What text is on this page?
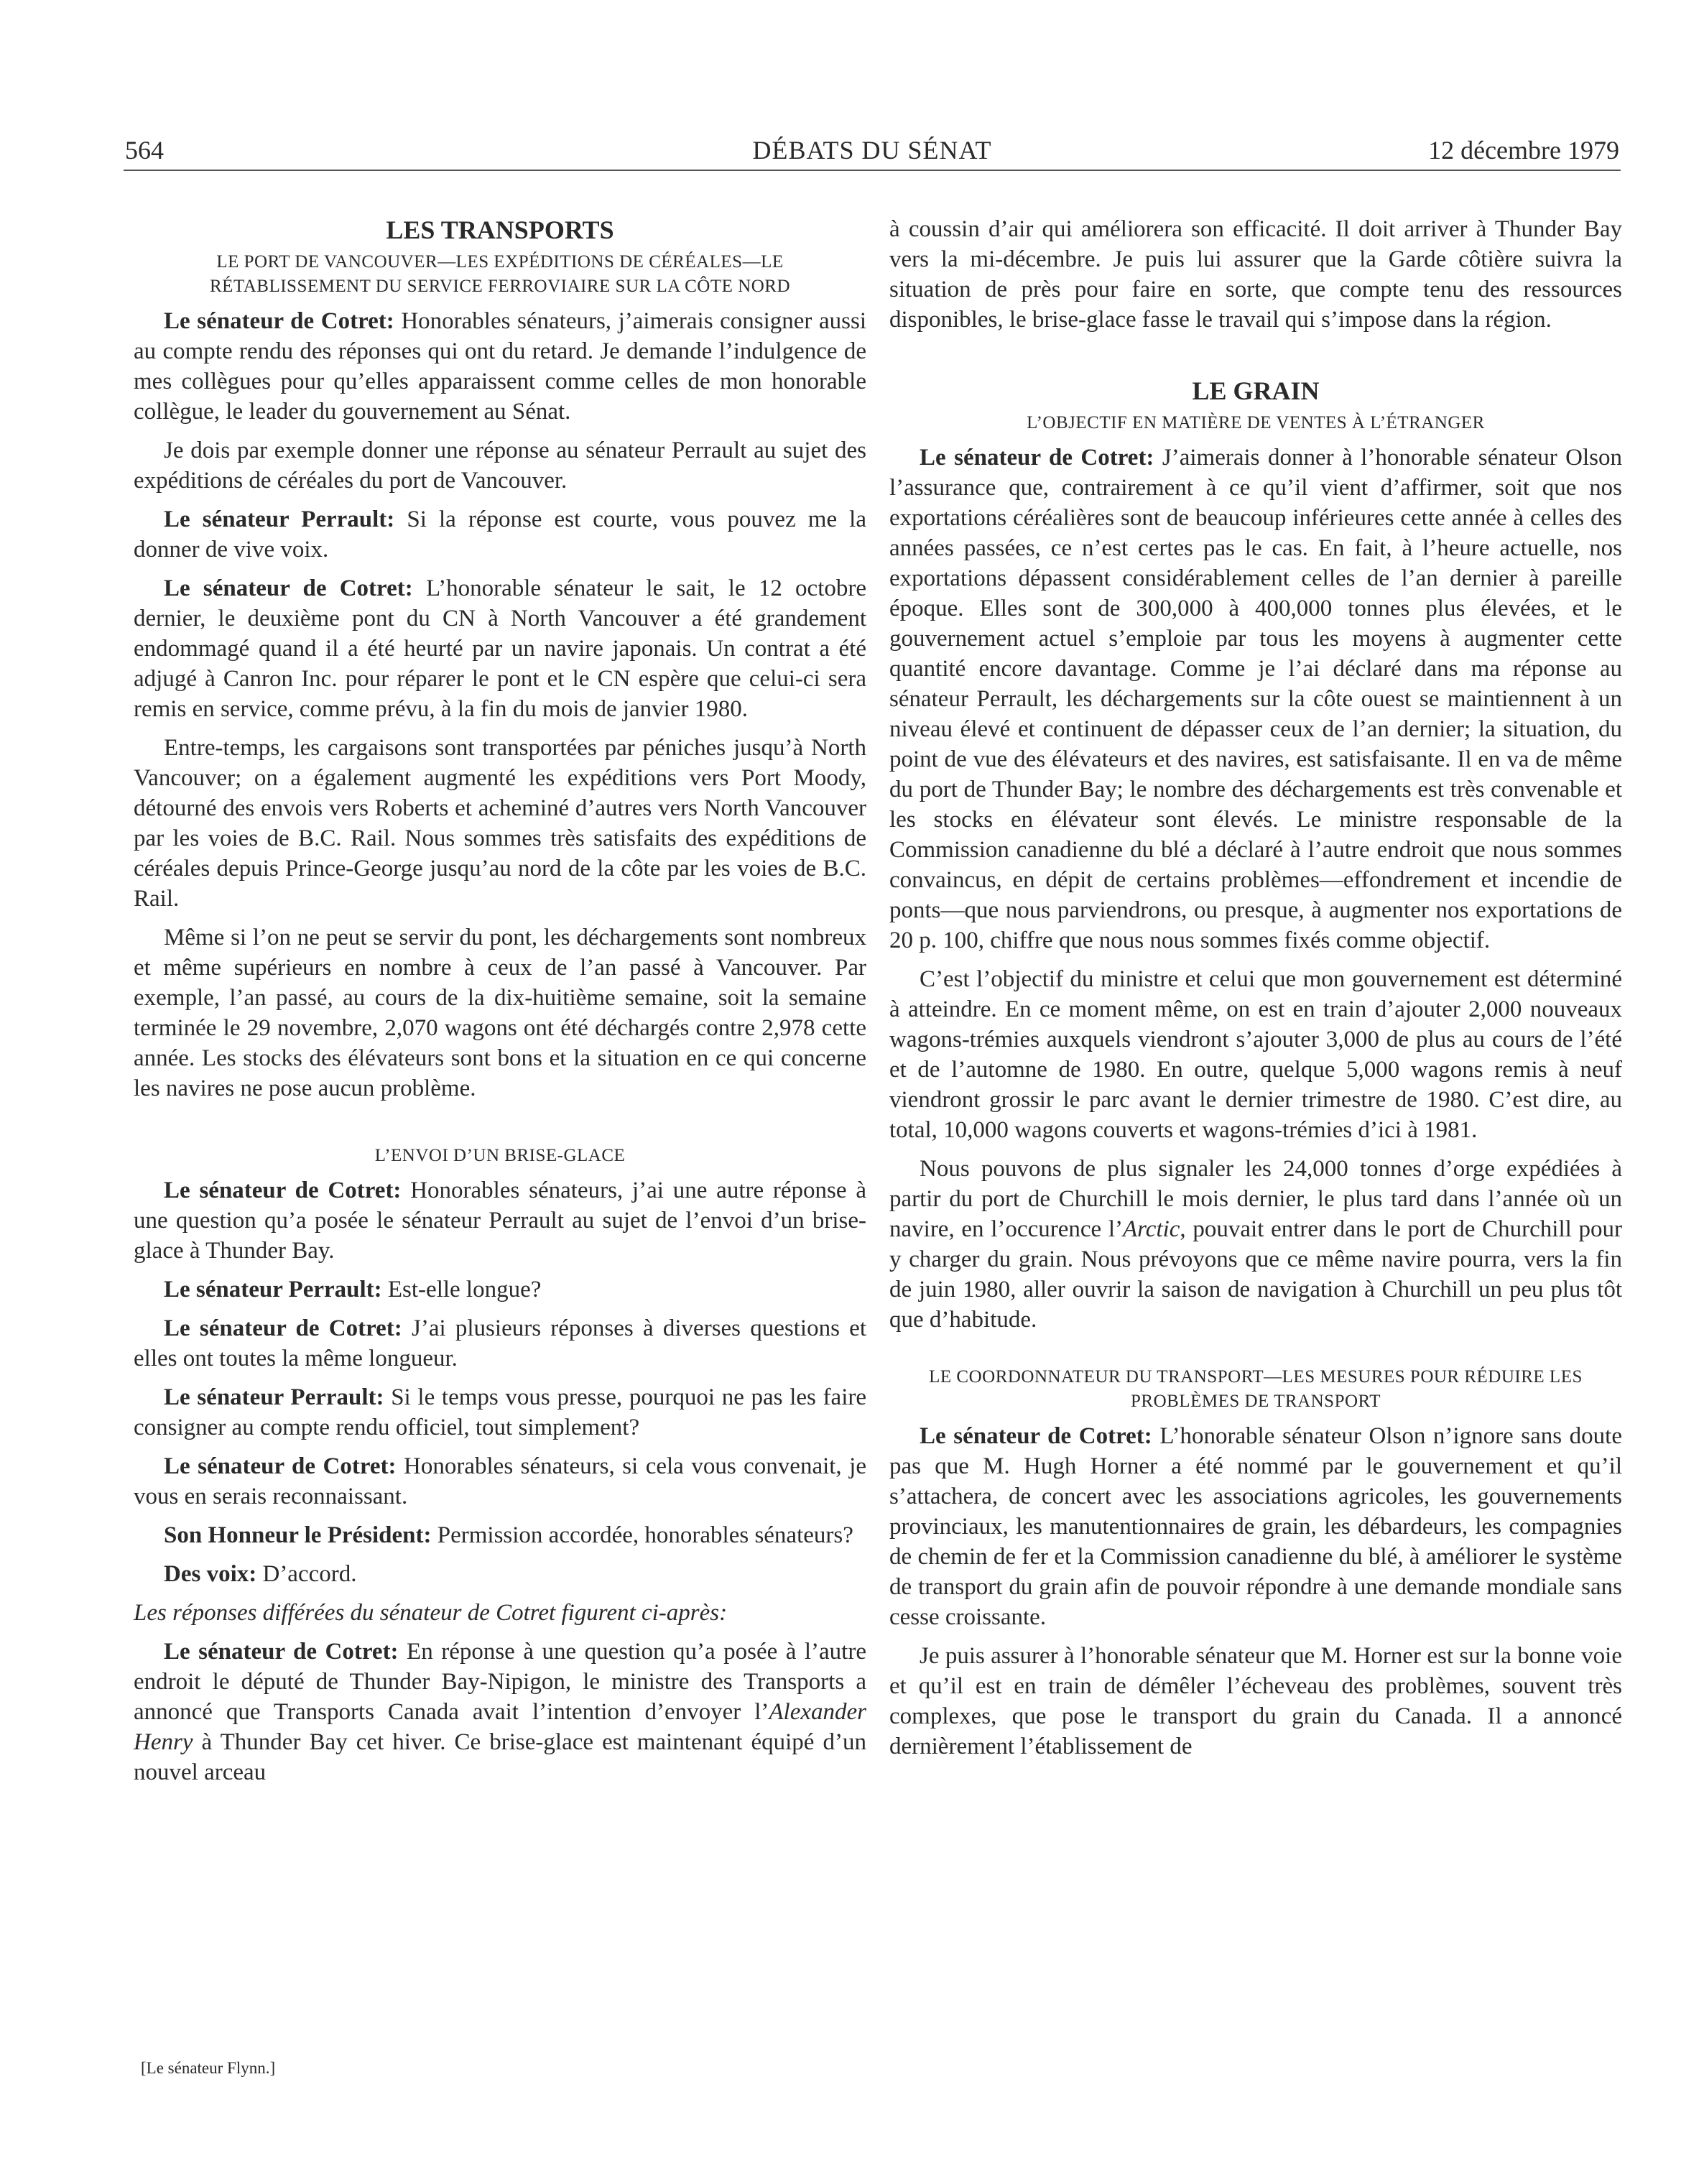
564	DÉBATS DU SÉNAT	12 décembre 1979
LES TRANSPORTS
LE PORT DE VANCOUVER—LES EXPÉDITIONS DE CÉRÉALES—LE RÉTABLISSEMENT DU SERVICE FERROVIAIRE SUR LA CÔTE NORD

Le sénateur de Cotret: Honorables sénateurs, j’aimerais consigner aussi au compte rendu des réponses qui ont du retard. Je demande l’indulgence de mes collègues pour qu’elles apparaissent comme celles de mon honorable collègue, le leader du gouvernement au Sénat.

Je dois par exemple donner une réponse au sénateur Perrault au sujet des expéditions de céréales du port de Vancouver.

Le sénateur Perrault: Si la réponse est courte, vous pouvez me la donner de vive voix.

Le sénateur de Cotret: L’honorable sénateur le sait, le 12 octobre dernier, le deuxième pont du CN à North Vancouver a été grandement endommagé quand il a été heurté par un navire japonais. Un contrat a été adjugé à Canron Inc. pour réparer le pont et le CN espère que celui-ci sera remis en service, comme prévu, à la fin du mois de janvier 1980.

Entre-temps, les cargaisons sont transportées par péniches jusqu’à North Vancouver; on a également augmenté les expéditions vers Port Moody, détourné des envois vers Roberts et acheminé d’autres vers North Vancouver par les voies de B.C. Rail. Nous sommes très satisfaits des expéditions de céréales depuis Prince-George jusqu’au nord de la côte par les voies de B.C. Rail.

Même si l’on ne peut se servir du pont, les déchargements sont nombreux et même supérieurs en nombre à ceux de l’an passé à Vancouver. Par exemple, l’an passé, au cours de la dix-huitième semaine, soit la semaine terminée le 29 novembre, 2,070 wagons ont été déchargés contre 2,978 cette année. Les stocks des élévateurs sont bons et la situation en ce qui concerne les navires ne pose aucun problème.

L’ENVOI D’UN BRISE-GLACE

Le sénateur de Cotret: Honorables sénateurs, j’ai une autre réponse à une question qu’a posée le sénateur Perrault au sujet de l’envoi d’un brise-glace à Thunder Bay.

Le sénateur Perrault: Est-elle longue?

Le sénateur de Cotret: J’ai plusieurs réponses à diverses questions et elles ont toutes la même longueur.

Le sénateur Perrault: Si le temps vous presse, pourquoi ne pas les faire consigner au compte rendu officiel, tout simplement?

Le sénateur de Cotret: Honorables sénateurs, si cela vous convenait, je vous en serais reconnaissant.

Son Honneur le Président: Permission accordée, honorables sénateurs?

Des voix: D’accord.

Les réponses différées du sénateur de Cotret figurent ci-après:

Le sénateur de Cotret: En réponse à une question qu’a posée à l’autre endroit le député de Thunder Bay-Nipigon, le ministre des Transports a annoncé que Transports Canada avait l’intention d’envoyer l’Alexander Henry à Thunder Bay cet hiver. Ce brise-glace est maintenant équipé d’un nouvel arceau

à coussin d’air qui améliorera son efficacité. Il doit arriver à Thunder Bay vers la mi-décembre. Je puis lui assurer que la Garde côtière suivra la situation de près pour faire en sorte, que compte tenu des ressources disponibles, le brise-glace fasse le travail qui s’impose dans la région.

LE GRAIN
L’OBJECTIF EN MATIÈRE DE VENTES À L’ÉTRANGER

Le sénateur de Cotret: J’aimerais donner à l’honorable sénateur Olson l’assurance que, contrairement à ce qu’il vient d’affirmer, soit que nos exportations céréalières sont de beaucoup inférieures cette année à celles des années passées, ce n’est certes pas le cas. En fait, à l’heure actuelle, nos exportations dépassent considérablement celles de l’an dernier à pareille époque. Elles sont de 300,000 à 400,000 tonnes plus élevées, et le gouvernement actuel s’emploie par tous les moyens à augmenter cette quantité encore davantage. Comme je l’ai déclaré dans ma réponse au sénateur Perrault, les déchargements sur la côte ouest se maintiennent à un niveau élevé et continuent de dépasser ceux de l’an dernier; la situation, du point de vue des élévateurs et des navires, est satisfaisante. Il en va de même du port de Thunder Bay; le nombre des déchargements est très convenable et les stocks en élévateur sont élevés. Le ministre responsable de la Commission canadienne du blé a déclaré à l’autre endroit que nous sommes convaincus, en dépit de certains problèmes—effondrement et incendie de ponts—que nous parviendrons, ou presque, à augmenter nos exportations de 20 p. 100, chiffre que nous nous sommes fixés comme objectif.

C’est l’objectif du ministre et celui que mon gouvernement est déterminé à atteindre. En ce moment même, on est en train d’ajouter 2,000 nouveaux wagons-trémies auxquels viendront s’ajouter 3,000 de plus au cours de l’été et de l’automne de 1980. En outre, quelque 5,000 wagons remis à neuf viendront grossir le parc avant le dernier trimestre de 1980. C’est dire, au total, 10,000 wagons couverts et wagons-trémies d’ici à 1981.

Nous pouvons de plus signaler les 24,000 tonnes d’orge expédiées à partir du port de Churchill le mois dernier, le plus tard dans l’année où un navire, en l’occurence l’Arctic, pouvait entrer dans le port de Churchill pour y charger du grain. Nous prévoyons que ce même navire pourra, vers la fin de juin 1980, aller ouvrir la saison de navigation à Churchill un peu plus tôt que d’habitude.

LE COORDONNATEUR DU TRANSPORT—LES MESURES POUR RÉDUIRE LES PROBLÈMES DE TRANSPORT

Le sénateur de Cotret: L’honorable sénateur Olson n’ignore sans doute pas que M. Hugh Horner a été nommé par le gouvernement et qu’il s’attachera, de concert avec les associations agricoles, les gouvernements provinciaux, les manutentionnaires de grain, les débardeurs, les compagnies de chemin de fer et la Commission canadienne du blé, à améliorer le système de transport du grain afin de pouvoir répondre à une demande mondiale sans cesse croissante.

Je puis assurer à l’honorable sénateur que M. Horner est sur la bonne voie et qu’il est en train de démêler l’écheveau des problèmes, souvent très complexes, que pose le transport du grain du Canada. Il a annoncé dernièrement l’établissement de

[Le sénateur Flynn.]
